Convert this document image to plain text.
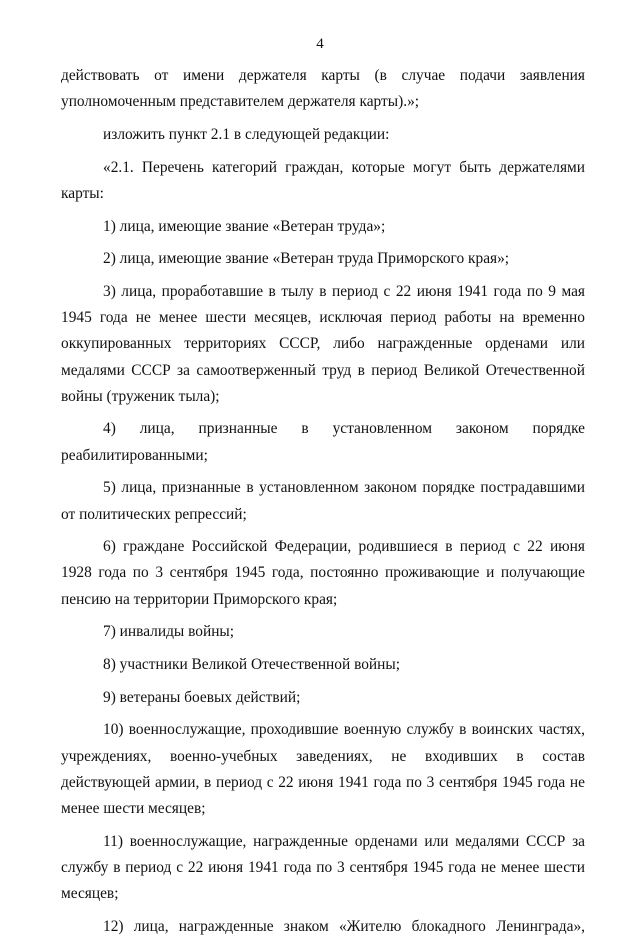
4

действовать от имени держателя карты (в случае подачи заявления уполномоченным представителем держателя карты).»;

изложить пункт 2.1 в следующей редакции:

«2.1. Перечень категорий граждан, которые могут быть держателями карты:

1) лица, имеющие звание «Ветеран труда»;

2) лица, имеющие звание «Ветеран труда Приморского края»;

3) лица, проработавшие в тылу в период с 22 июня 1941 года по 9 мая 1945 года не менее шести месяцев, исключая период работы на временно оккупированных территориях СССР, либо награжденные орденами или медалями СССР за самоотверженный труд в период Великой Отечественной войны (труженик тыла);

4) лица, признанные в установленном законом порядке реабилитированными;

5) лица, признанные в установленном законом порядке пострадавшими от политических репрессий;

6) граждане Российской Федерации, родившиеся в период с 22 июня 1928 года по 3 сентября 1945 года, постоянно проживающие и получающие пенсию на территории Приморского края;

7) инвалиды войны;

8) участники Великой Отечественной войны;

9) ветераны боевых действий;

10) военнослужащие, проходившие военную службу в воинских частях, учреждениях, военно-учебных заведениях, не входивших в состав действующей армии, в период с 22 июня 1941 года по 3 сентября 1945 года не менее шести месяцев;

11) военнослужащие, награжденные орденами или медалями СССР за службу в период с 22 июня 1941 года по 3 сентября 1945 года не менее шести месяцев;

12) лица, награжденные знаком «Жителю блокадного Ленинграда»,
